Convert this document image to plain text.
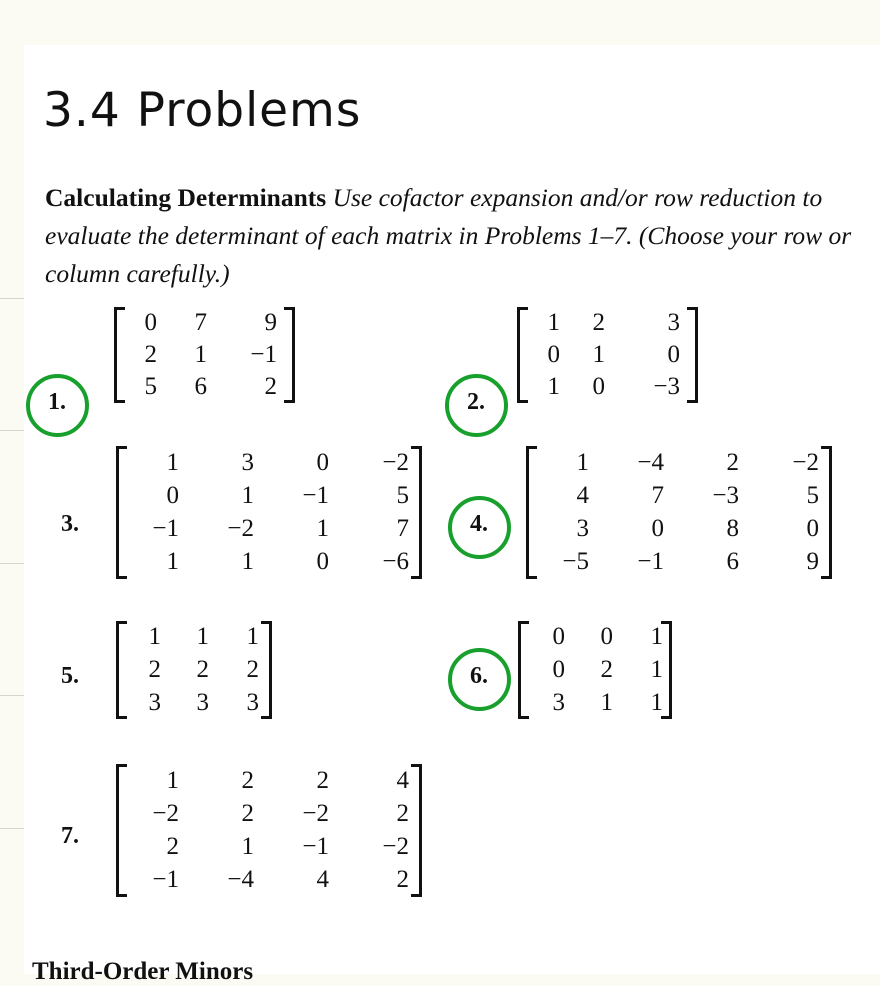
3.4 Problems

Calculating Determinants Use cofactor expansion and/or row reduction to evaluate the determinant of each matrix in Problems 1–7. (Choose your row or column carefully.)

1.
0	7	9
2	1	−1
5	6	2
2.
1	2	3
0	1	0
1	0	−3
3.
1	3	0	−2
0	1	−1	5
−1	−2	1	7
1	1	0	−6
4.
1	−4	2	−2
4	7	−3	5
3	0	8	0
−5	−1	6	9
5.
1	1	1
2	2	2
3	3	3
6.
0	0	1
0	2	1
3	1	1
7.
1	2	2	4
−2	2	−2	2
2	1	−1	−2
−1	−4	4	2
Third-Order Minors
